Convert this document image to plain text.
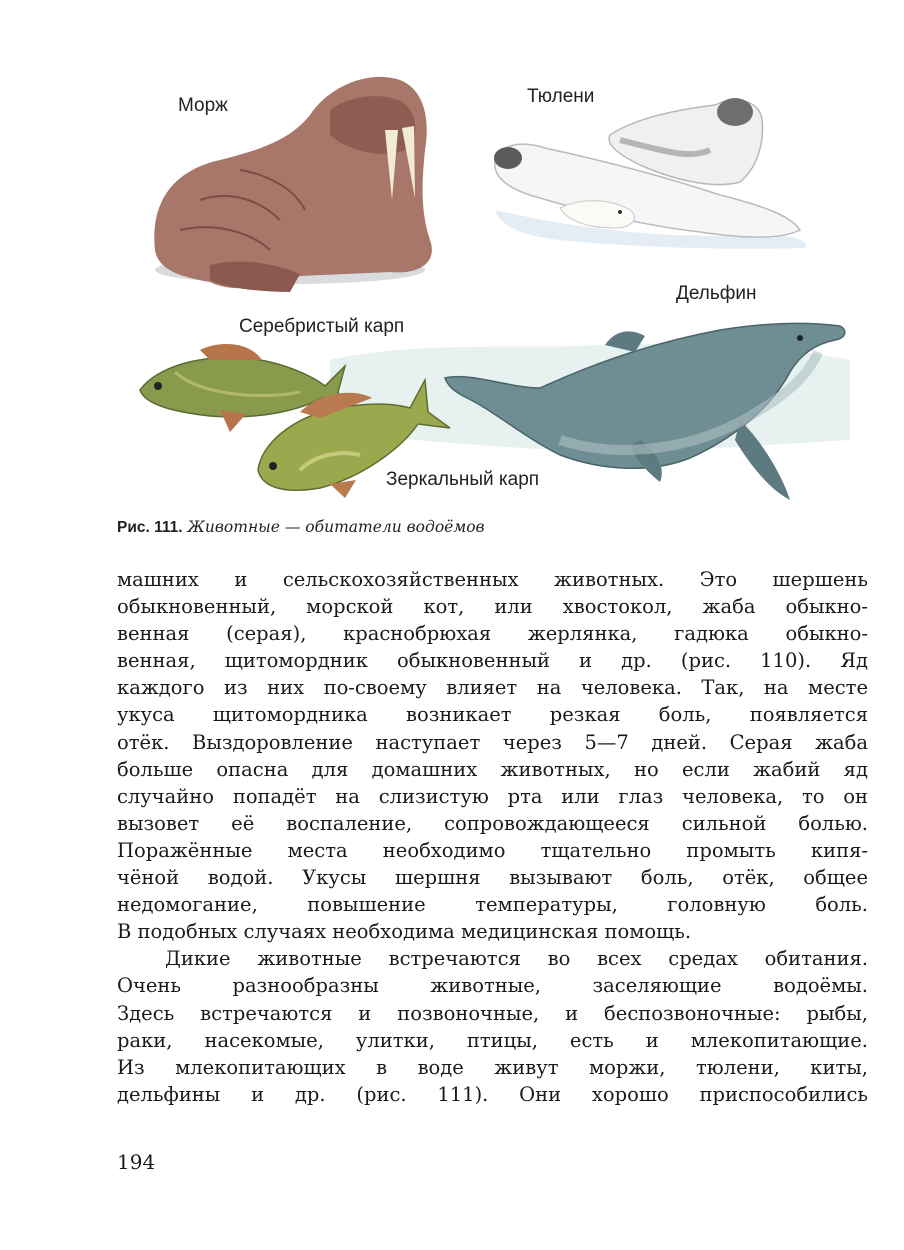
Морж	Тюлени
Дельфин
Серебристый карп
Зеркальный карп
Рис. 111. Животные — обитатели водоёмов
машних и сельскохозяйственных животных. Это шершень
обыкновенный, морской кот, или хвостокол, жаба обыкно-
венная (серая), краснобрюхая жерлянка, гадюка обыкно-
венная, щитомордник обыкновенный и др. (рис. 110). Яд
каждого из них по-своему влияет на человека. Так, на месте
укуса щитомордника возникает резкая боль, появляется
отёк. Выздоровление наступает через 5—7 дней. Серая жаба
больше опасна для домашних животных, но если жабий яд
случайно попадёт на слизистую рта или глаз человека, то он
вызовет её воспаление, сопровождающееся сильной болью.
Поражённые места необходимо тщательно промыть кипя-
чёной водой. Укусы шершня вызывают боль, отёк, общее
недомогание, повышение температуры, головную боль.
В подобных случаях необходима медицинская помощь.
Дикие животные встречаются во всех средах обитания.
Очень разнообразны животные, заселяющие водоёмы.
Здесь встречаются и позвоночные, и беспозвоночные: рыбы,
раки, насекомые, улитки, птицы, есть и млекопитающие.
Из млекопитающих в воде живут моржи, тюлени, киты,
дельфины и др. (рис. 111). Они хорошо приспособились
194
